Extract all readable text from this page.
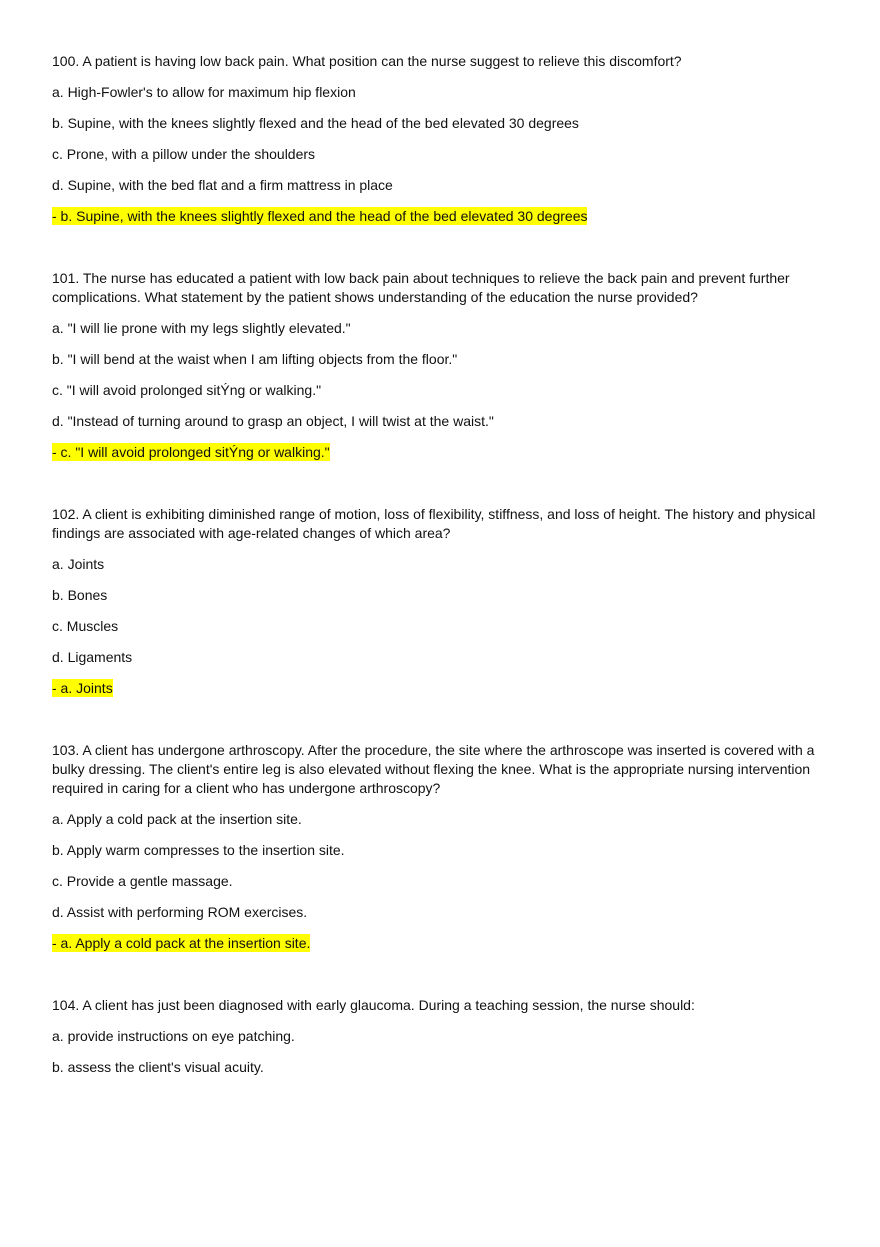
100. A patient is having low back pain. What position can the nurse suggest to relieve this discomfort?

a. High-Fowler's to allow for maximum hip flexion

b. Supine, with the knees slightly flexed and the head of the bed elevated 30 degrees

c. Prone, with a pillow under the shoulders

d. Supine, with the bed flat and a firm mattress in place

- b. Supine, with the knees slightly flexed and the head of the bed elevated 30 degrees

101. The nurse has educated a patient with low back pain about techniques to relieve the back pain and prevent further complications. What statement by the patient shows understanding of the education the nurse provided?

a. "I will lie prone with my legs slightly elevated."

b. "I will bend at the waist when I am lifting objects from the floor."

c. "I will avoid prolonged sitÝng or walking."

d. "Instead of turning around to grasp an object, I will twist at the waist."

- c. "I will avoid prolonged sitÝng or walking."

102. A client is exhibiting diminished range of motion, loss of flexibility, stiffness, and loss of height. The history and physical findings are associated with age-related changes of which area?

a. Joints

b. Bones

c. Muscles

d. Ligaments

- a. Joints

103. A client has undergone arthroscopy. After the procedure, the site where the arthroscope was inserted is covered with a bulky dressing. The client's entire leg is also elevated without flexing the knee. What is the appropriate nursing intervention required in caring for a client who has undergone arthroscopy?

a. Apply a cold pack at the insertion site.

b. Apply warm compresses to the insertion site.

c. Provide a gentle massage.

d. Assist with performing ROM exercises.

- a. Apply a cold pack at the insertion site.

104. A client has just been diagnosed with early glaucoma. During a teaching session, the nurse should:

a. provide instructions on eye patching.

b. assess the client's visual acuity.
